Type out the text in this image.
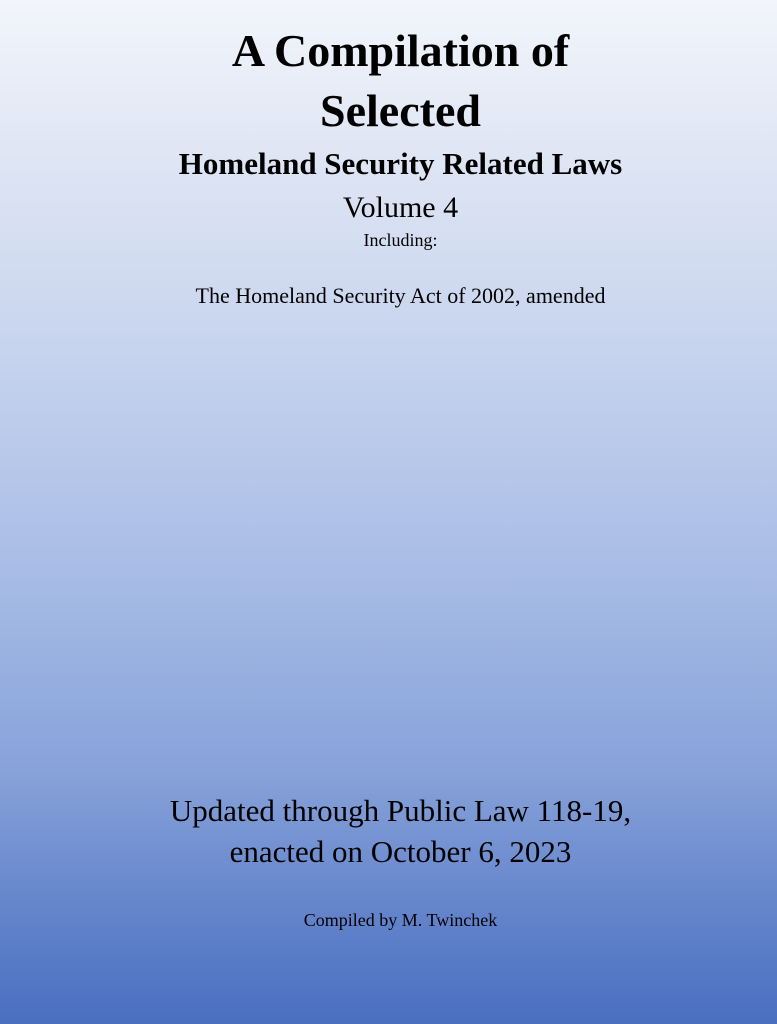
A Compilation of
Selected
Homeland Security Related Laws
Volume 4
Including:
The Homeland Security Act of 2002, amended
Updated through Public Law 118-19,
enacted on October 6, 2023
Compiled by M. Twinchek
